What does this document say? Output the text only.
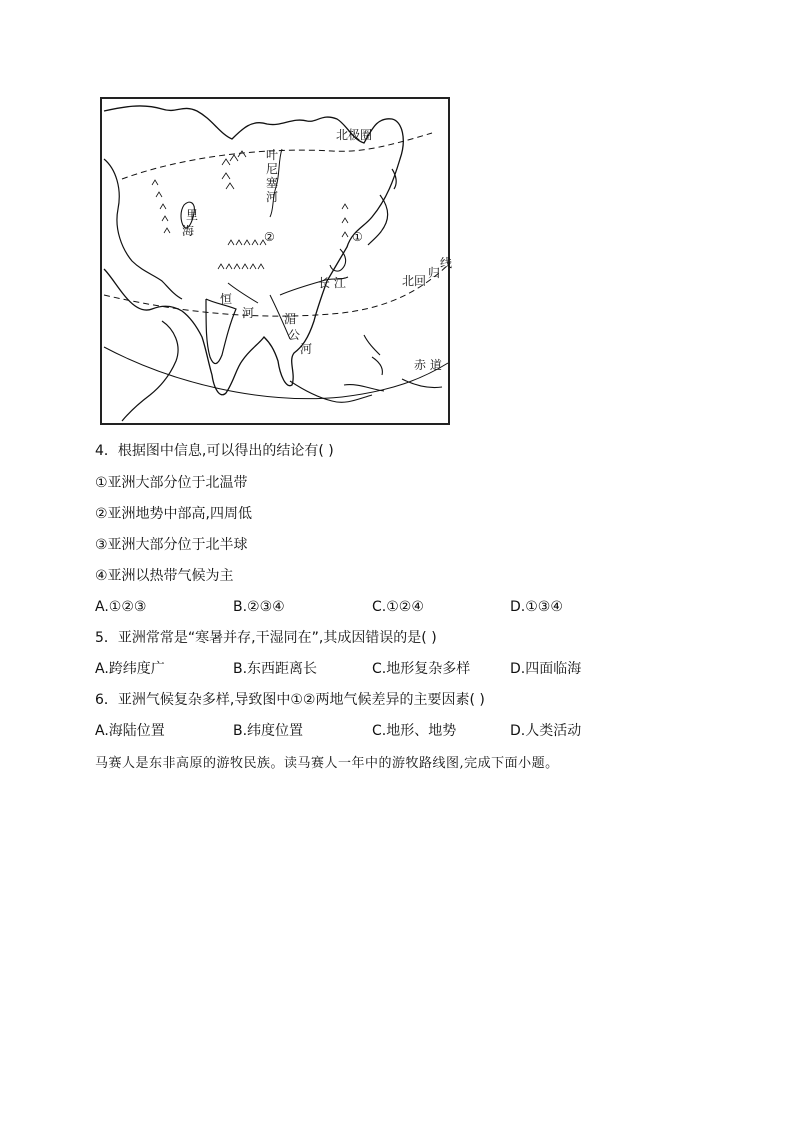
北极圈
叶
尼
塞
河
里
海	②	①
长 江	北回
归
线
恒
河 湄
公
河
赤 道
4．根据图中信息,可以得出的结论有( )
①亚洲大部分位于北温带
②亚洲地势中部高,四周低
③亚洲大部分位于北半球
④亚洲以热带气候为主
A.①②③	B.②③④	C.①②④	D.①③④
5．亚洲常常是“寒暑并存,干湿同在”,其成因错误的是( )
A.跨纬度广	B.东西距离长	C.地形复杂多样	D.四面临海
6．亚洲气候复杂多样,导致图中①②两地气候差异的主要因素( )
A.海陆位置	B.纬度位置	C.地形、地势	D.人类活动
马赛人是东非高原的游牧民族。读马赛人一年中的游牧路线图,完成下面小题。
